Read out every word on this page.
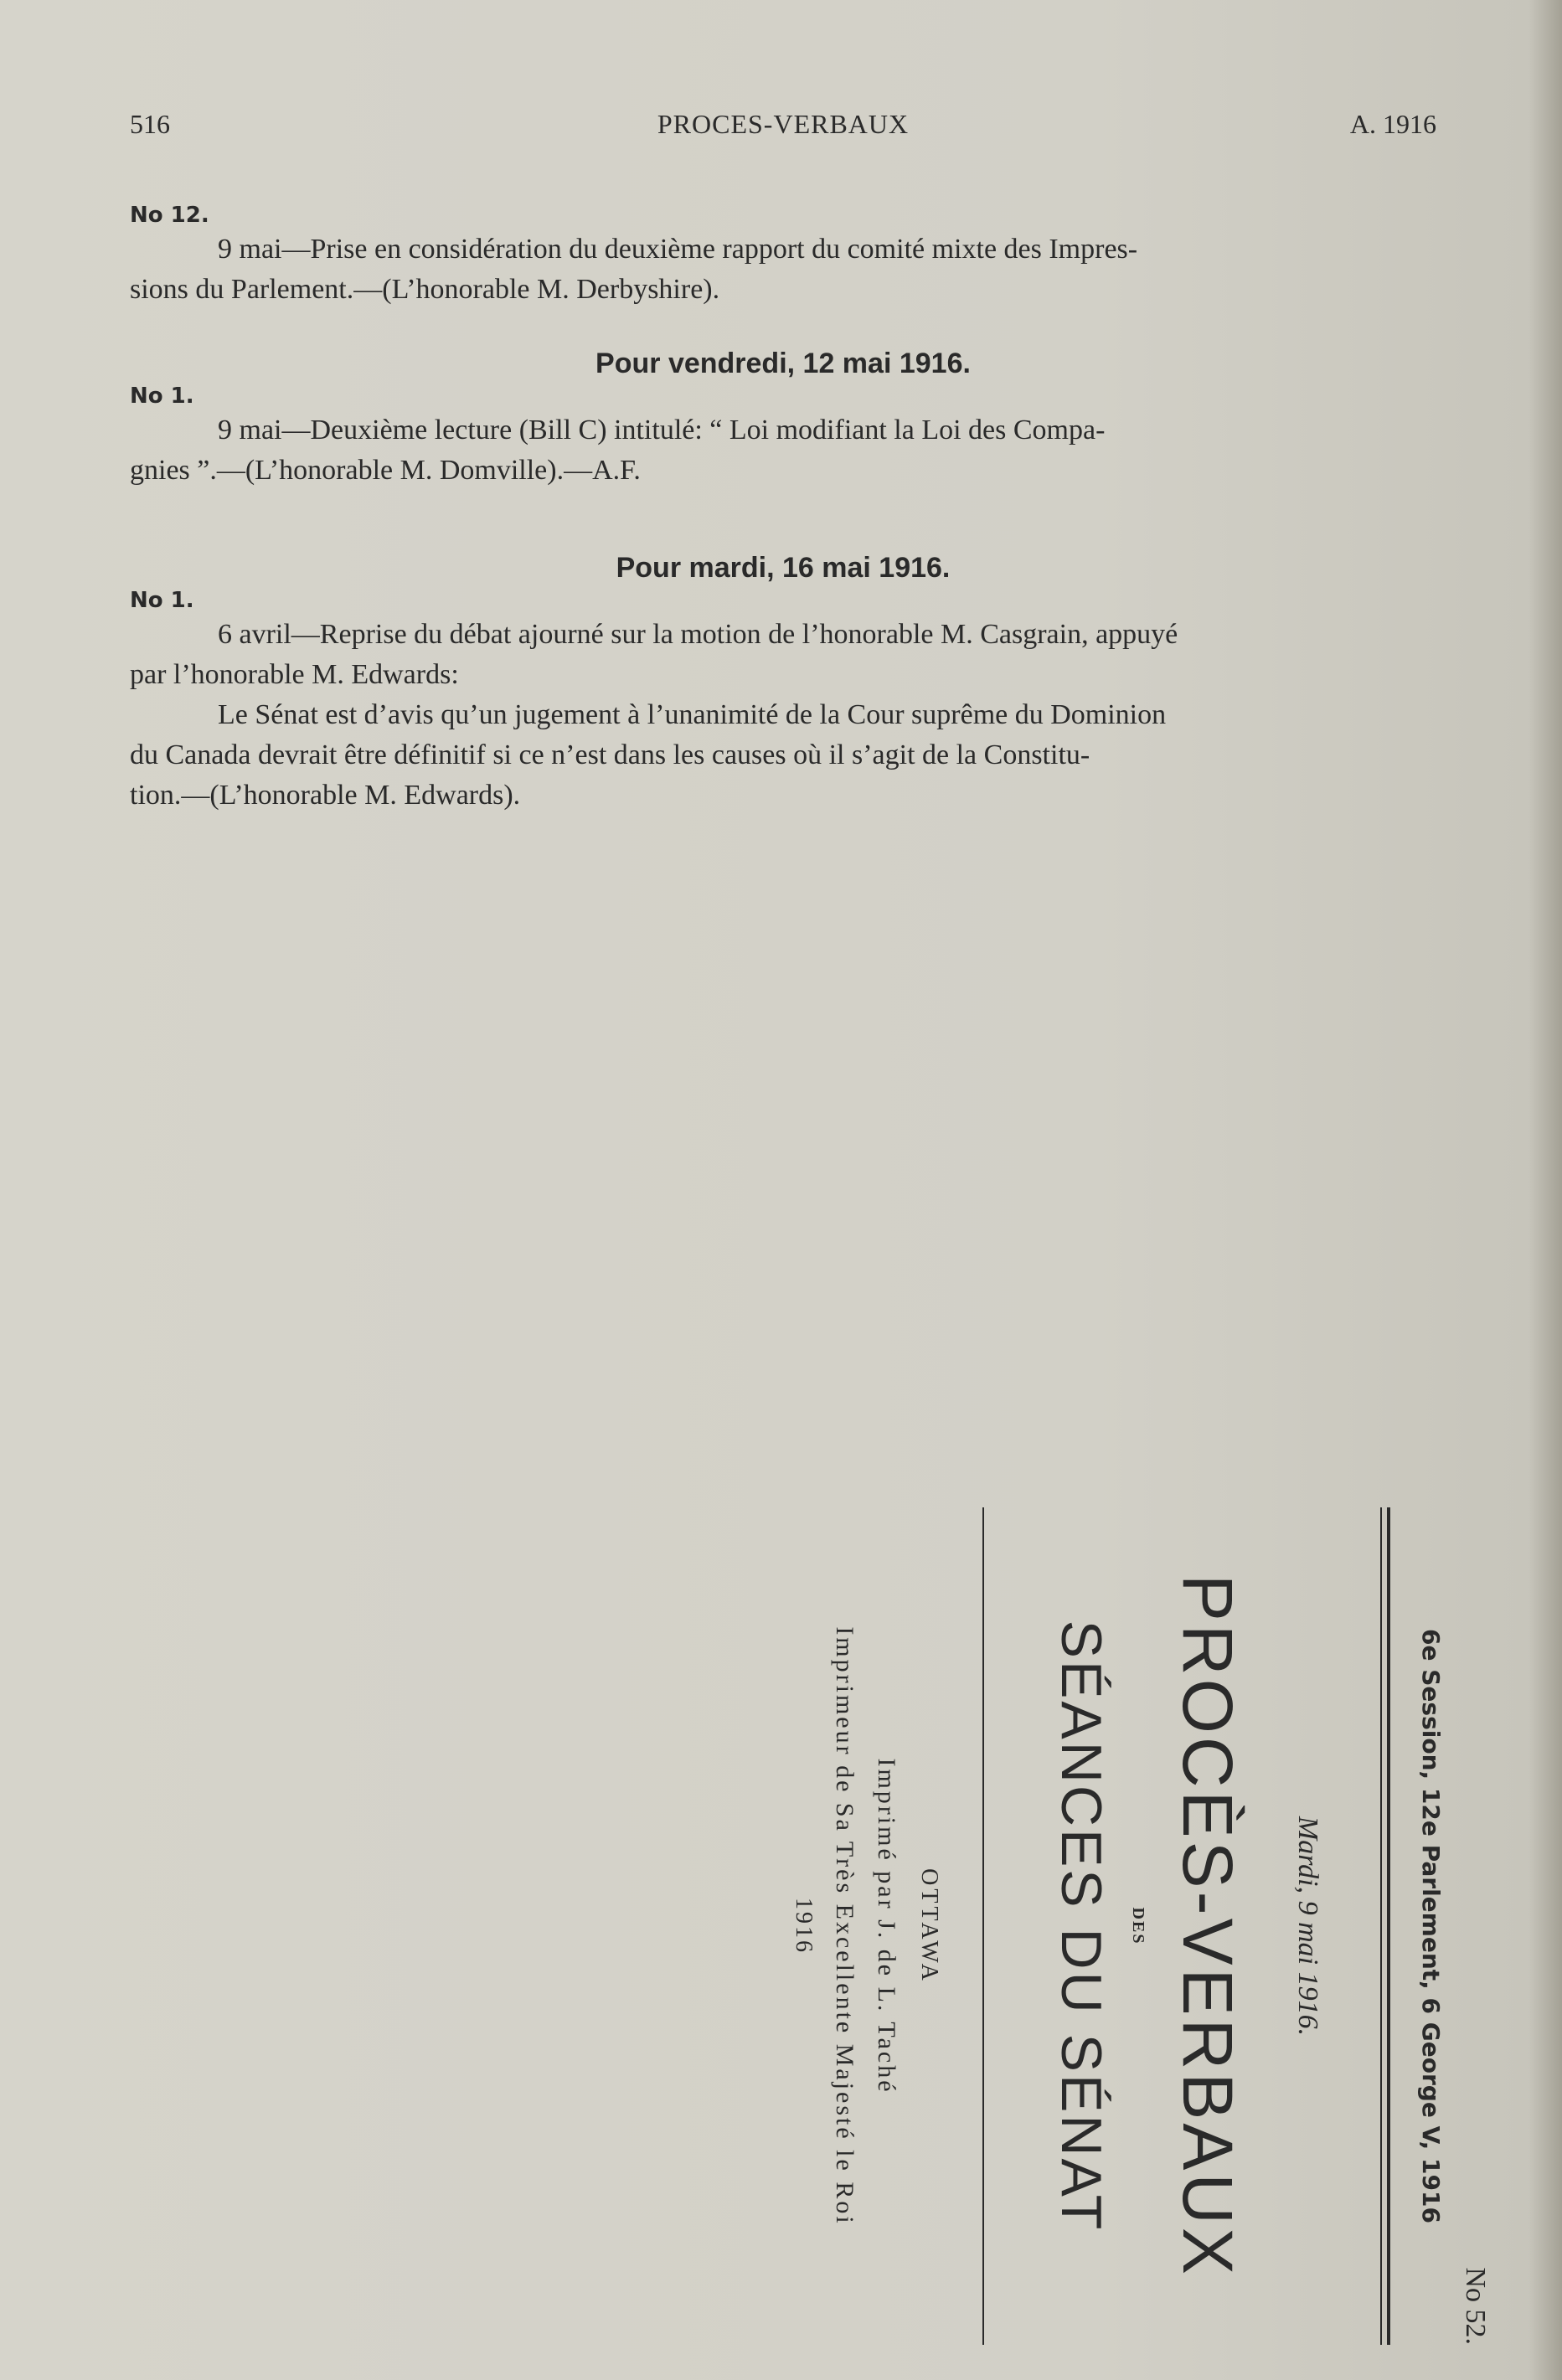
516	PROCES-VERBAUX	A. 1916

No 12.

9 mai—Prise en considération du deuxième rapport du comité mixte des Impres-

sions du Parlement.—(L’honorable M. Derbyshire).

Pour vendredi, 12 mai 1916.

No 1.

9 mai—Deuxième lecture (Bill C) intitulé: “ Loi modifiant la Loi des Compa-

gnies ”.—(L’honorable M. Domville).—A.F.

Pour mardi, 16 mai 1916.

No 1.

6 avril—Reprise du débat ajourné sur la motion de l’honorable M. Casgrain, appuyé

par l’honorable M. Edwards:

Le Sénat est d’avis qu’un jugement à l’unanimité de la Cour suprême du Dominion

du Canada devrait être définitif si ce n’est dans les causes où il s’agit de la Constitu-

tion.—(L’honorable M. Edwards).

No 52.
6e Session, 12e Parlement, 6 George V, 1916
Mardi, 9 mai 1916.
PROCÈS-VERBAUX
DES
SÉANCES DU SÉNAT
OTTAWA
Imprimé par J. de L. Taché
Imprimeur de Sa Très Excellente Majesté le Roi
1916
